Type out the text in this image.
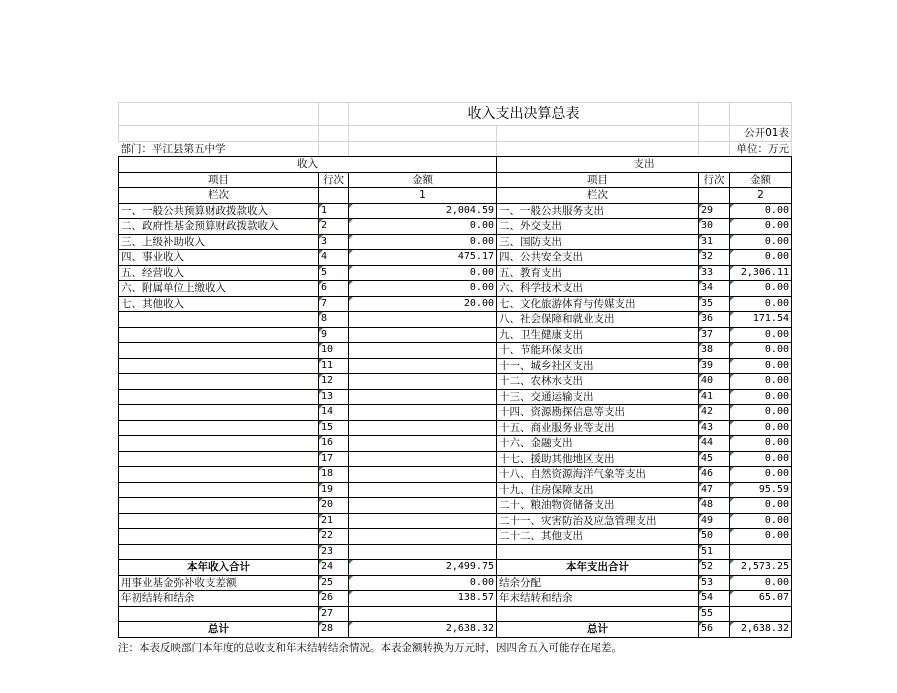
		收入支出决算总表			
					公开01表
部门：平江县第五中学					单位：万元
收入			支出		
项目	行次	金额	项目	行次	金额
栏次		1	栏次		2
一、一般公共预算财政拨款收入	1	2,004.59	一、一般公共服务支出	29	0.00
二、政府性基金预算财政拨款收入	2	0.00	二、外交支出	30	0.00
三、上级补助收入	3	0.00	三、国防支出	31	0.00
四、事业收入	4	475.17	四、公共安全支出	32	0.00
五、经营收入	5	0.00	五、教育支出	33	2,306.11
六、附属单位上缴收入	6	0.00	六、科学技术支出	34	0.00
七、其他收入	7	20.00	七、文化旅游体育与传媒支出	35	0.00
	8		八、社会保障和就业支出	36	171.54
	9		九、卫生健康支出	37	0.00
	10		十、节能环保支出	38	0.00
	11		十一、城乡社区支出	39	0.00
	12		十二、农林水支出	40	0.00
	13		十三、交通运输支出	41	0.00
	14		十四、资源勘探信息等支出	42	0.00
	15		十五、商业服务业等支出	43	0.00
	16		十六、金融支出	44	0.00
	17		十七、援助其他地区支出	45	0.00
	18		十八、自然资源海洋气象等支出	46	0.00
	19		十九、住房保障支出	47	95.59
	20		二十、粮油物资储备支出	48	0.00
	21		二十一、灾害防治及应急管理支出	49	0.00
	22		二十二、其他支出	50	0.00
	23			51	
本年收入合计	24	2,499.75	本年支出合计	52	2,573.25
用事业基金弥补收支差额	25	0.00	结余分配	53	0.00
年初结转和结余	26	138.57	年末结转和结余	54	65.07
	27			55	
总计	28	2,638.32	总计	56	2,638.32
注：本表反映部门本年度的总收支和年末结转结余情况。本表金额转换为万元时，因四舍五入可能存在尾差。
